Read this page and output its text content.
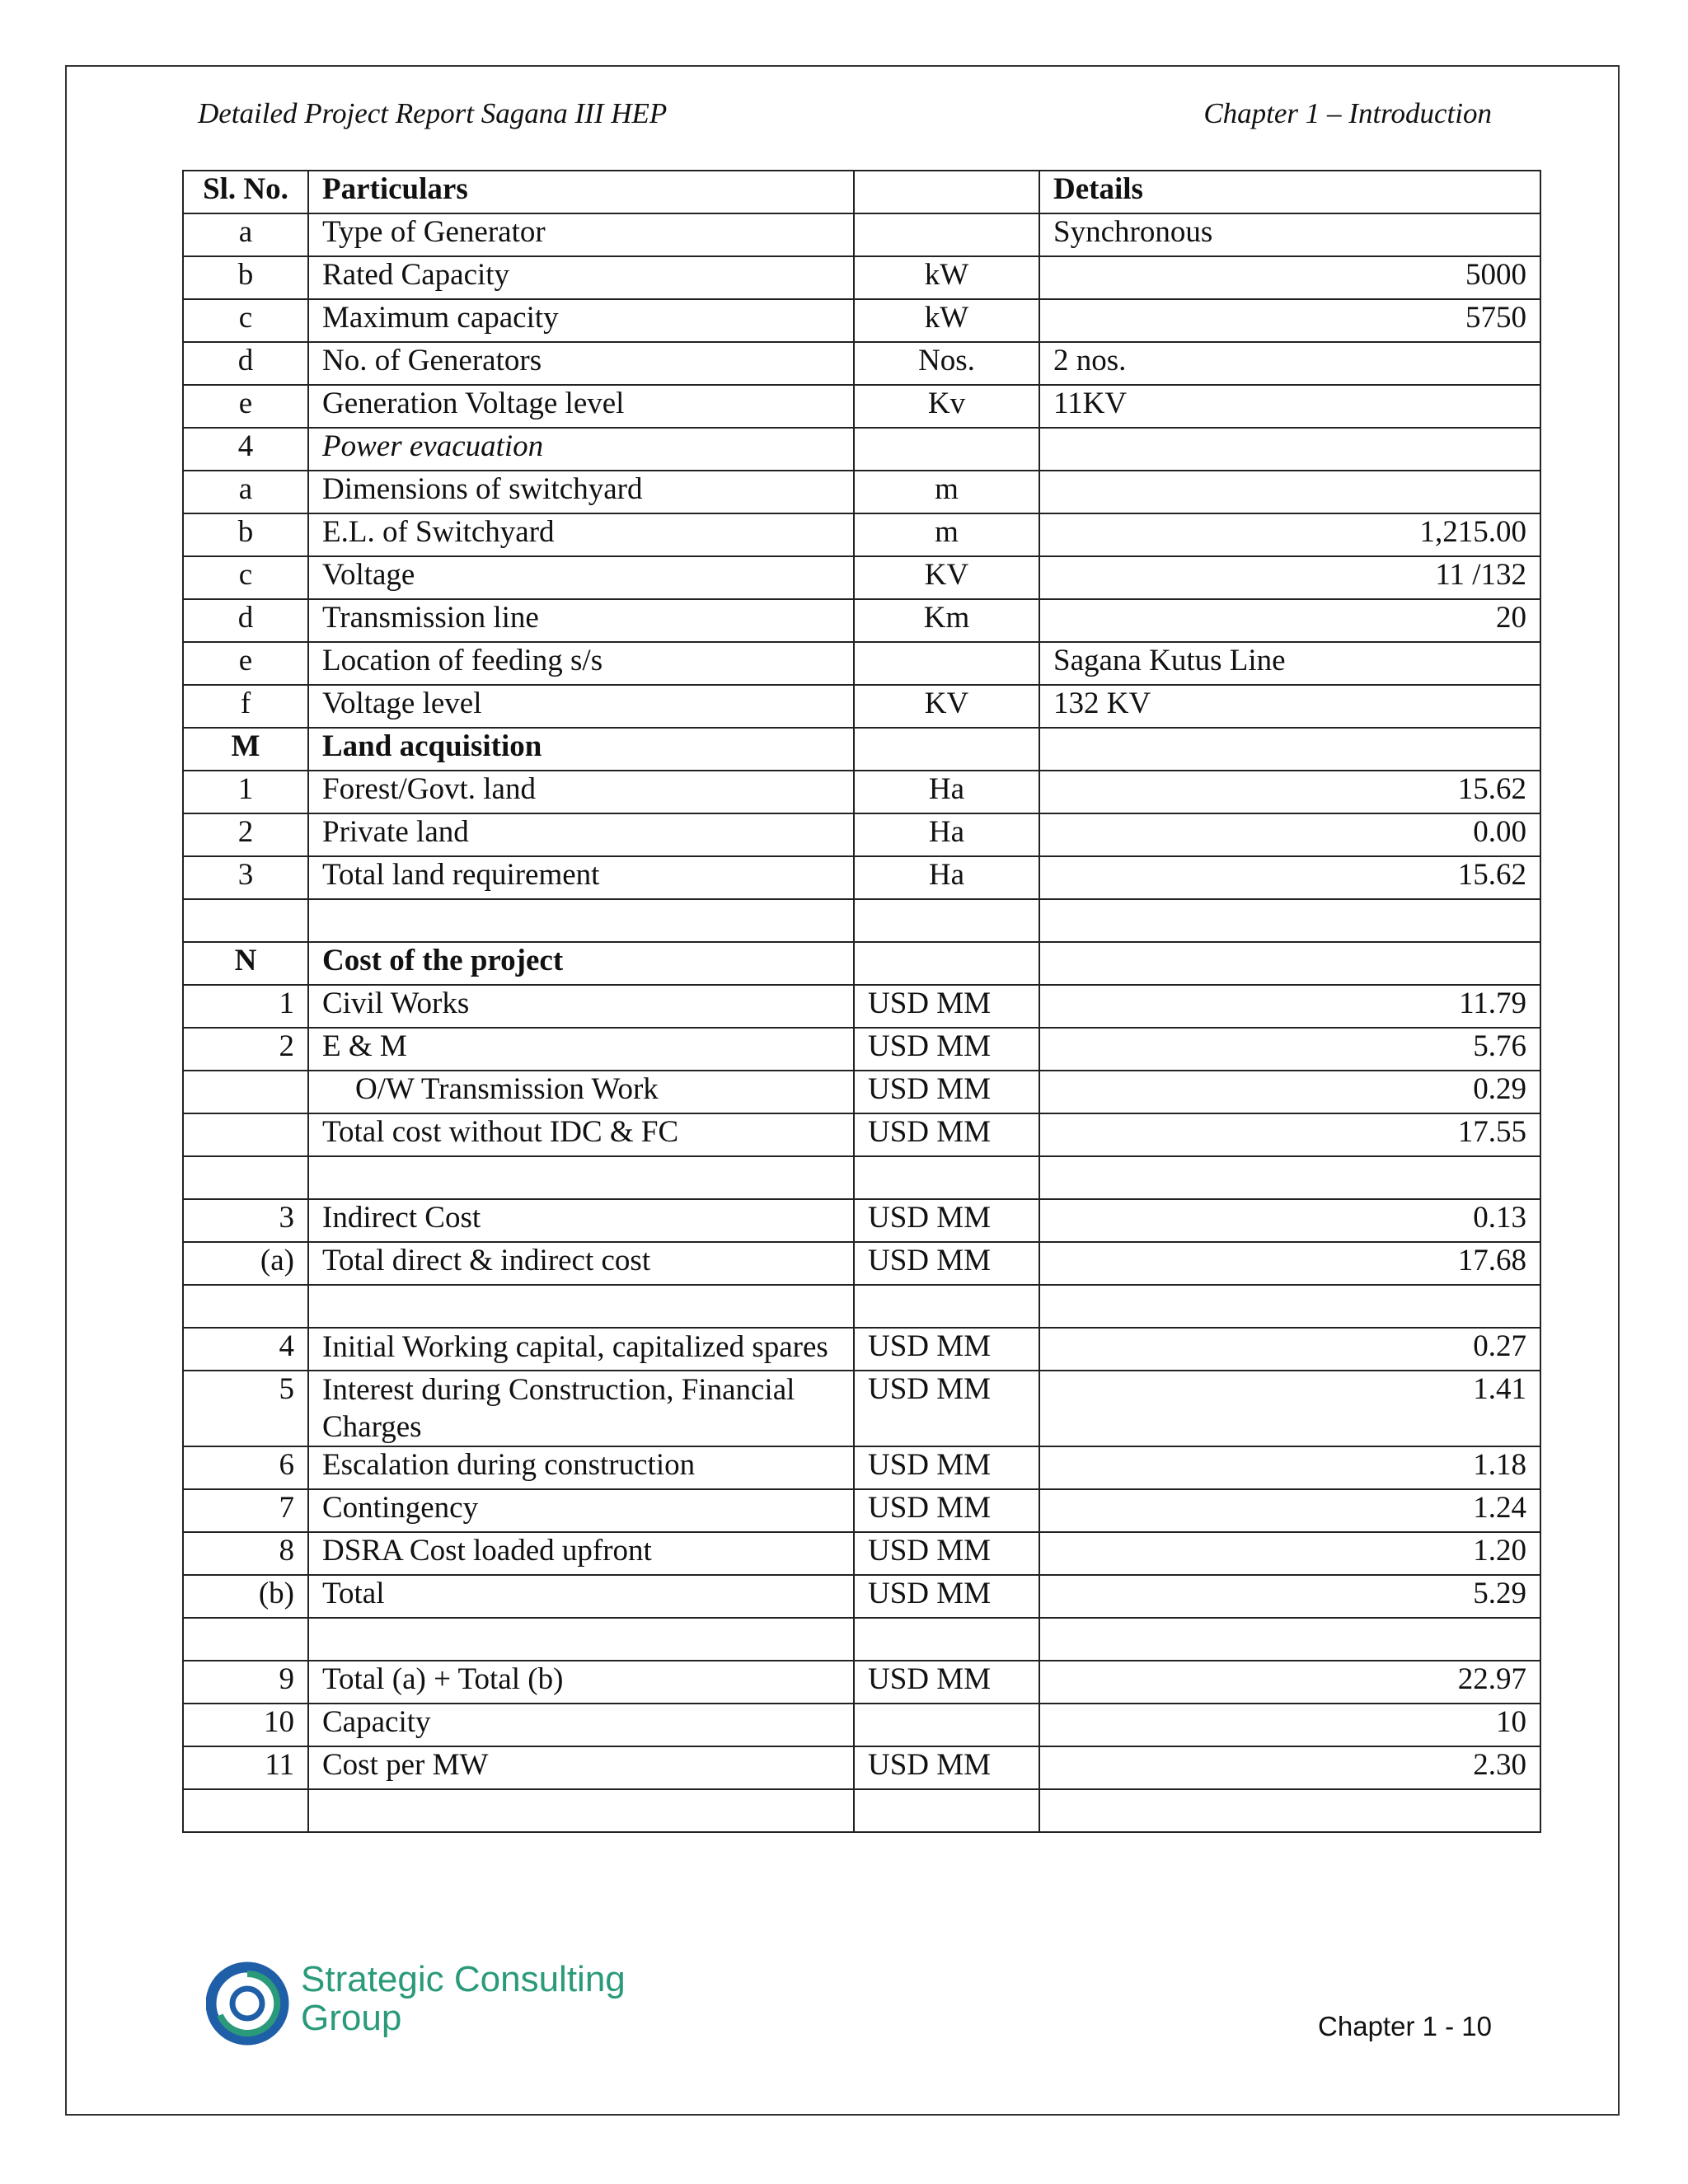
Detailed Project Report Sagana III HEP	Chapter 1 – Introduction
Sl. No.	Particulars		Details
a	Type of Generator		Synchronous
b	Rated Capacity	kW	5000
c	Maximum capacity	kW	5750
d	No. of Generators	Nos.	2 nos.
e	Generation Voltage level	Kv	11KV
4	Power evacuation		
a	Dimensions of switchyard	m	
b	E.L. of Switchyard	m	1,215.00
c	Voltage	KV	11 /132
d	Transmission line	Km	20
e	Location of feeding s/s		Sagana Kutus Line
f	Voltage level	KV	132 KV
M	Land acquisition		
1	Forest/Govt. land	Ha	15.62
2	Private land	Ha	0.00
3	Total land requirement	Ha	15.62

N	Cost of the project		
1	Civil Works	USD MM	11.79
2	E & M	USD MM	5.76
	O/W Transmission Work	USD MM	0.29
	Total cost without IDC & FC	USD MM	17.55

3	Indirect Cost	USD MM	0.13
(a)	Total direct & indirect cost	USD MM	17.68

4	Initial Working capital, capitalized spares	USD MM	0.27
5	Interest during Construction, Financial Charges	USD MM	1.41
6	Escalation during construction	USD MM	1.18
7	Contingency	USD MM	1.24
8	DSRA Cost loaded upfront	USD MM	1.20
(b)	Total	USD MM	5.29

9	Total (a) + Total (b)	USD MM	22.97
10	Capacity		10
11	Cost per MW	USD MM	2.30

Strategic Consulting
Group	Chapter 1 - 10
